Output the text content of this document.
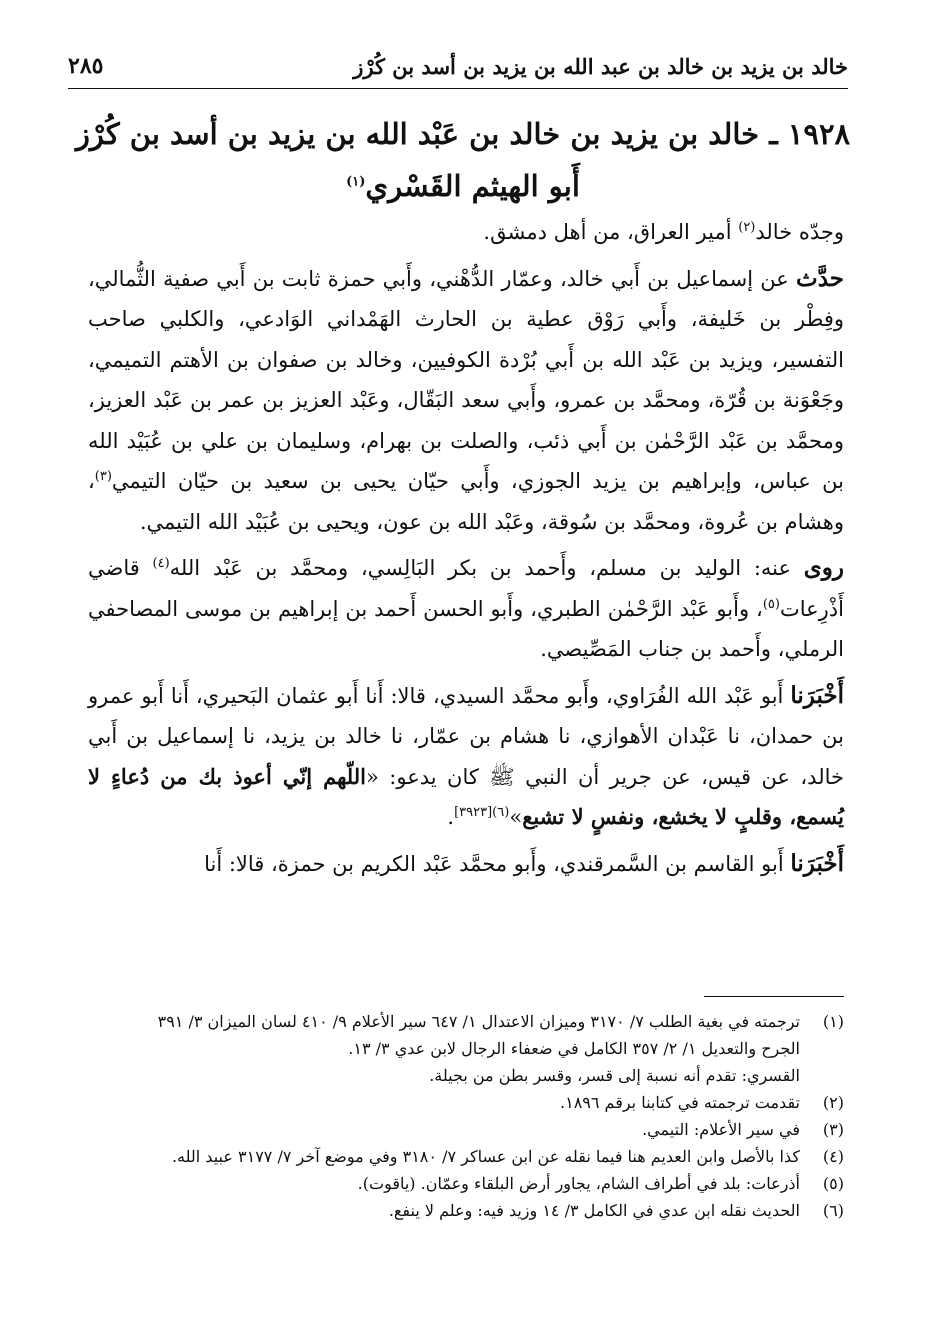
خالد بن يزيد بن خالد بن عبد الله بن يزيد بن أسد بن كُرْز
٢٨٥
١٩٢٨ ـ خالد بن يزيد بن خالد بن عَبْد الله بن يزيد بن أسد بن كُرْز
أَبو الهيثم القَسْري$^{(١)}$

وجدّه خالد$^{(٢)}$ أمير العراق، من أهل دمشق.

حدَّث عن إسماعيل بن أَبي خالد، وعمّار الدُّهْني، وأَبي حمزة ثابت بن أَبي صفية الثُّمالي، وفِطْر بن خَليفة، وأَبي رَوْق عطية بن الحارث الهَمْداني الوَادعي، والكلبي صاحب التفسير، ويزيد بن عَبْد الله بن أَبي بُرْدة الكوفيين، وخالد بن صفوان بن الأهتم التميمي، وجَعْوَنة بن قُرّة، ومحمَّد بن عمرو، وأَبي سعد البَقّال، وعَبْد العزيز بن عمر بن عَبْد العزيز، ومحمَّد بن عَبْد الرَّحْمٰن بن أَبي ذئب، والصلت بن بهرام، وسليمان بن علي بن عُبَيْد الله بن عباس، وإبراهيم بن يزيد الجوزي، وأَبي حيّان يحيى بن سعيد بن حيّان التيمي$^{(٣)}$، وهشام بن عُروة، ومحمَّد بن سُوقة، وعَبْد الله بن عون، ويحيى بن عُبَيْد الله التيمي.

روى عنه: الوليد بن مسلم، وأَحمد بن بكر البَالِسي، ومحمَّد بن عَبْد الله$^{(٤)}$ قاضي أَذْرِعات$^{(٥)}$، وأَبو عَبْد الرَّحْمٰن الطبري، وأَبو الحسن أَحمد بن إبراهيم بن موسى المصاحفي الرملي، وأَحمد بن جناب المَصِّيصي.

أَخْبَرَنا أَبو عَبْد الله الفُرَاوي، وأَبو محمَّد السيدي، قالا: أَنا أَبو عثمان البَحيري، أَنا أَبو عمرو بن حمدان، نا عَبْدان الأهوازي، نا هشام بن عمّار، نا خالد بن يزيد، نا إسماعيل بن أَبي خالد، عن قيس، عن جرير أن النبي ﷺ كان يدعو: «اللّهم إنّي أعوذ بك من دُعاءٍ لا يُسمع، وقلبٍ لا يخشع، ونفسٍ لا تشبع»$^{(٦)[٣٩٢٣]}$.

أَخْبَرَنا أَبو القاسم بن السَّمرقندي، وأَبو محمَّد عَبْد الكريم بن حمزة، قالا: أَنا

(١)
ترجمته في بغية الطلب ٧/ ٣١٧٠ وميزان الاعتدال ١/ ٦٤٧ سير الأعلام ٩/ ٤١٠ لسان الميزان ٣/ ٣٩١
الجرح والتعديل ١/ ٢/ ٣٥٧ الكامل في ضعفاء الرجال لابن عدي ٣/ ١٣.
القسري: تقدم أنه نسبة إلى قسر، وقسر بطن من بجيلة.
(٢)
تقدمت ترجمته في كتابنا برقم ١٨٩٦.
(٣)
في سير الأعلام: التيمي.
(٤)
كذا بالأصل وابن العديم هنا فيما نقله عن ابن عساكر ٧/ ٣١٨٠ وفي موضع آخر ٧/ ٣١٧٧ عبيد الله.
(٥)
أذرعات: بلد في أطراف الشام، يجاور أرض البلقاء وعمّان. (ياقوت).
(٦)
الحديث نقله ابن عدي في الكامل ٣/ ١٤ وزيد فيه: وعلم لا ينفع.
